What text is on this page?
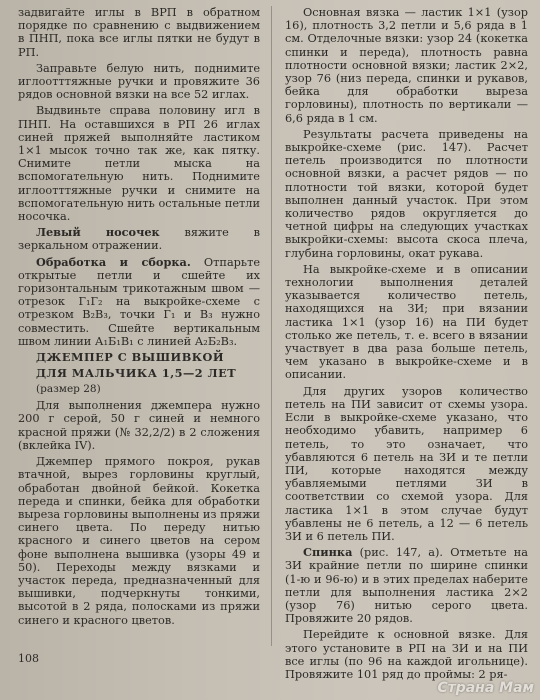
задвигайте иглы в ВРП в обратном порядке по сравнению с выдвижением в ПНП, пока все иглы пятки не будут в РП.

Заправьте белую нить, поднимите иглоотттяжные ручки и провяжите 36 рядов основной вязки на все 52 иглах.

Выдвиньте справа половину игл в ПНП. На оставшихся в РП 26 иглах синей пряжей выполняйте ластиком 1×1 мысок точно так же, как пятку. Снимите петли мыска на вспомогательную нить. Поднимите иглоотттяжные ручки и снимите на вспомогательную нить остальные петли носочка.

Левый носочек вяжите в зеркальном отражении.

Обработка и сборка. Отпарьте открытые петли и сшейте их горизонтальным трикотажным швом — отрезок Г₁Г₂ на выкройке-схеме с отрезком В₂В₃, точки Г₁ и В₃ нужно совместить. Сшейте вертикальным швом линии А₁Б₁В₁ с линией А₂Б₂В₃.

ДЖЕМПЕР С ВЫШИВКОЙ

ДЛЯ МАЛЬЧИКА 1,5—2 ЛЕТ

(размер 28)

Для выполнения джемпера нужно 200 г серой, 50 г синей и немного красной пряжи (№ 32,2/2) в 2 сложения (вклейка IV).

Джемпер прямого покроя, рукав втачной, вырез горловины круглый, обработан двойной бейкой. Кокетка переда и спинки, бейка для обработки выреза горловины выполнены из пряжи синего цвета. По переду нитью красного и синего цветов на сером фоне выполнена вышивка (узоры 49 и 50). Переходы между вязками и участок переда, предназначенный для вышивки, подчеркнуты тонкими, высотой в 2 ряда, полосками из пряжи синего и красного цветов.

Основная вязка — ластик 1×1 (узор 16), плотность 3,2 петли и 5,6 ряда в 1 см. Отделочные вязки: узор 24 (кокетка спинки и переда), плотность равна плотности основной вязки; ластик 2×2, узор 76 (низ переда, спинки и рукавов, бейка для обработки выреза горловины), плотность по вертикали — 6,6 ряда в 1 см.

Результаты расчета приведены на выкройке-схеме (рис. 147). Расчет петель производится по плотности основной вязки, а расчет рядов — по плотности той вязки, которой будет выполнен данный участок. При этом количество рядов округляется до четной цифры на следующих участках выкройки-схемы: высота скоса плеча, глубина горловины, окат рукава.

На выкройке-схеме и в описании технологии выполнения деталей указывается количество петель, находящихся на ЗИ; при вязании ластика 1×1 (узор 16) на ПИ будет столько же петель, т. е. всего в вязании участвует в два раза больше петель, чем указано в выкройке-схеме и в описании.

Для других узоров количество петель на ПИ зависит от схемы узора. Если в выкройке-схеме указано, что необходимо убавить, например 6 петель, то это означает, что убавляются 6 петель на ЗИ и те петли ПИ, которые находятся между убавляемыми петлями ЗИ в соответствии со схемой узора. Для ластика 1×1 в этом случае будут убавлены не 6 петель, а 12 — 6 петель ЗИ и 6 петель ПИ.

Спинка (рис. 147, а). Отметьте на ЗИ крайние петли по ширине спинки (1-ю и 96-ю) и в этих пределах наберите петли для выполнения ластика 2×2 (узор 76) нитью серого цвета. Провяжите 20 рядов.

Перейдите к основной вязке. Для этого установите в РП на ЗИ и на ПИ все иглы (по 96 на каждой игольнице). Провяжите 101 ряд до проймы: 2 ря-

108
Страна Мам
